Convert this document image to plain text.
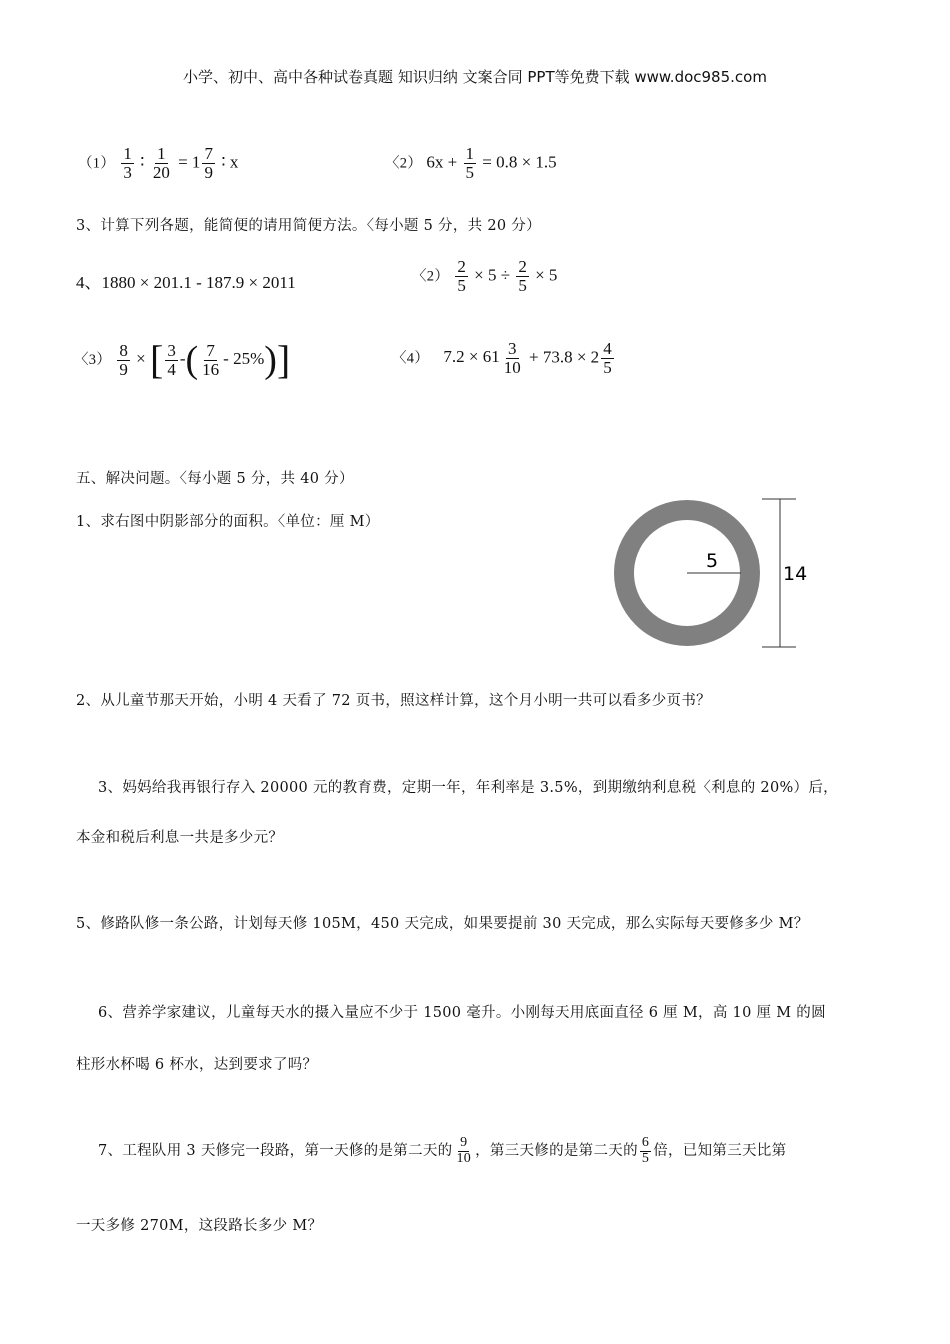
小学、初中、高中各种试卷真题 知识归纳 文案合同 PPT等免费下载 www.doc985.com
$(1) \frac{1}{3}$ ∶ $\frac{1}{20} = 1 \frac{7}{9}$ ∶ x	〈2） $6x + \frac{1}{5} = 0.8 \times 1.5$
3、计算下列各题，能简便的请用简便方法。〈每小题 5 分，共 20 分）
4、1880 × 201.1 - 187.9 × 2011	〈$2) \frac{2}{5} \times 5 \div \frac{2}{5} \times 5$
〈$3) \frac{8}{9}$ × [ $\frac{3}{4}$ -( $\frac{7}{16} - 25\%$)]	〈4） $7.2 \times 61 \frac{3}{10} + 73.8 \times 2 \frac{4}{5}$
五、解决问题。〈每小题 5 分，共 40 分）
1、求右图中阴影部分的面积。〈单位：厘 M）
5
14
2、从儿童节那天开始，小明 4 天看了 72 页书，照这样计算，这个月小明一共可以看多少页书？
3、妈妈给我再银行存入 20000 元的教育费，定期一年，年利率是 3.5%，到期缴纳利息税〈利息的 20%）后，
本金和税后利息一共是多少元？
5、修路队修一条公路，计划每天修 105M，450 天完成，如果要提前 30 天完成，那么实际每天要修多少 M？
6、营养学家建议，儿童每天水的摄入量应不少于 1500 毫升。小刚每天用底面直径 6 厘 M，高 10 厘 M 的圆
柱形水杯喝 6 杯水，达到要求了吗？
7、工程队用 3 天修完一段路，第一天修的是第二天的 $\frac{9}{10}$ ，第三天修的是第二天的 $\frac{6}{5}$ 倍，已知第三天比第
一天多修 270M，这段路长多少 M？
